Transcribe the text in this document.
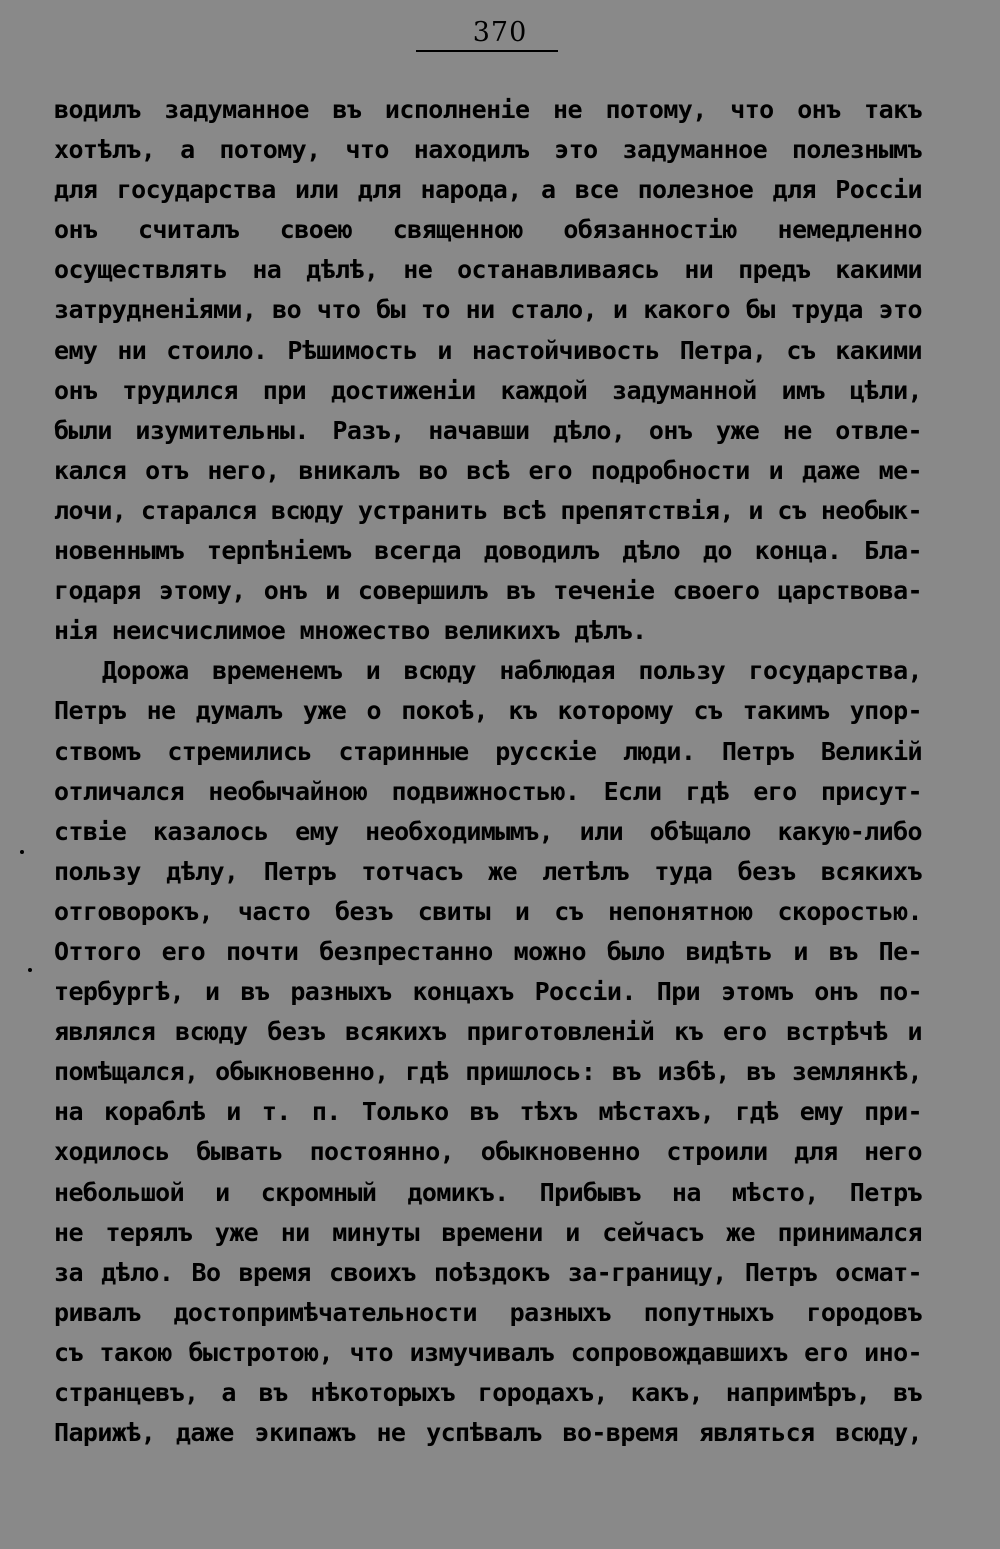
370
водилъ задуманное въ исполненіе не потому, что онъ такъ
хотѣлъ, а потому, что находилъ это задуманное полезнымъ
для государства или для народа, а все полезное для Россіи
онъ считалъ своею священною обязанностію немедленно
осуществлять на дѣлѣ, не останавливаясь ни предъ какими
затрудненіями, во что бы то ни стало, и какого бы труда это
ему ни стоило. Рѣшимость и настойчивость Петра, съ какими
онъ трудился при достиженіи каждой задуманной имъ цѣли,
были изумительны. Разъ, начавши дѣло, онъ уже не отвле-
кался отъ него, вникалъ во всѣ его подробности и даже ме-
лочи, старался всюду устранить всѣ препятствія, и съ необык-
новеннымъ терпѣніемъ всегда доводилъ дѣло до конца. Бла-
годаря этому, онъ и совершилъ въ теченіе своего царствова-
нія неисчислимое множество великихъ дѣлъ.
Дорожа временемъ и всюду наблюдая пользу государства,
Петръ не думалъ уже о покоѣ, къ которому съ такимъ упор-
ствомъ стремились старинные русскіе люди. Петръ Великій
отличался необычайною подвижностью. Если гдѣ его присут-
ствіе казалось ему необходимымъ, или обѣщало какую-либо
пользу дѣлу, Петръ тотчасъ же летѣлъ туда безъ всякихъ
отговорокъ, часто безъ свиты и съ непонятною скоростью.
Оттого его почти безпрестанно можно было видѣть и въ Пе-
тербургѣ, и въ разныхъ концахъ Россіи. При этомъ онъ по-
являлся всюду безъ всякихъ приготовленій къ его встрѣчѣ и
помѣщался, обыкновенно, гдѣ пришлось: въ избѣ, въ землянкѣ,
на кораблѣ и т. п. Только въ тѣхъ мѣстахъ, гдѣ ему при-
ходилось бывать постоянно, обыкновенно строили для него
небольшой и скромный домикъ. Прибывъ на мѣсто, Петръ
не терялъ уже ни минуты времени и сейчасъ же принимался
за дѣло. Во время своихъ поѣздокъ за-границу, Петръ осмат-
ривалъ достопримѣчательности разныхъ попутныхъ городовъ
съ такою быстротою, что измучивалъ сопровождавшихъ его ино-
странцевъ, а въ нѣкоторыхъ городахъ, какъ, напримѣръ, въ
Парижѣ, даже экипажъ не успѣвалъ во-время являться всюду,
